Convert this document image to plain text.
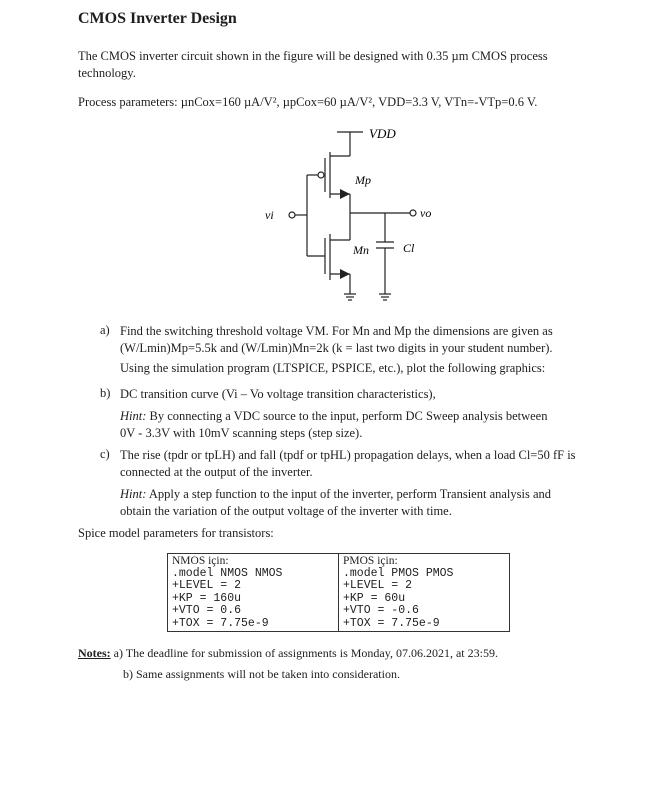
CMOS Inverter Design
The CMOS inverter circuit shown in the figure will be designed with 0.35 µm CMOS process
technology.
Process parameters: µnCox=160 µA/V², µpCox=60 µA/V², VDD=3.3 V, VTn=-VTp=0.6 V.
VDD
Mp
Mn	Cl
vi	vo
a) Find the switching threshold voltage VM. For Mn and Mp the dimensions are given as
(W/Lmin)Mp=5.5k and (W/Lmin)Mn=2k (k = last two digits in your student number).
Using the simulation program (LTSPICE, PSPICE, etc.), plot the following graphics:
b) DC transition curve (Vi – Vo voltage transition characteristics),
Hint: By connecting a VDC source to the input, perform DC Sweep analysis between
0V - 3.3V with 10mV scanning steps (step size).
c) The rise (tpdr or tpLH) and fall (tpdf or tpHL) propagation delays, when a load Cl=50 fF is
connected at the output of the inverter.
Hint: Apply a step function to the input of the inverter, perform Transient analysis and
obtain the variation of the output voltage of the inverter with time.
Spice model parameters for transistors:
NMOS için:
.model NMOS NMOS
+LEVEL = 2
+KP = 160u
+VTO = 0.6
+TOX = 7.75e-9

PMOS için:
.model PMOS PMOS
+LEVEL = 2
+KP = 60u
+VTO = -0.6
+TOX = 7.75e-9
Notes: a) The deadline for submission of assignments is Monday, 07.06.2021, at 23:59.
b) Same assignments will not be taken into consideration.
